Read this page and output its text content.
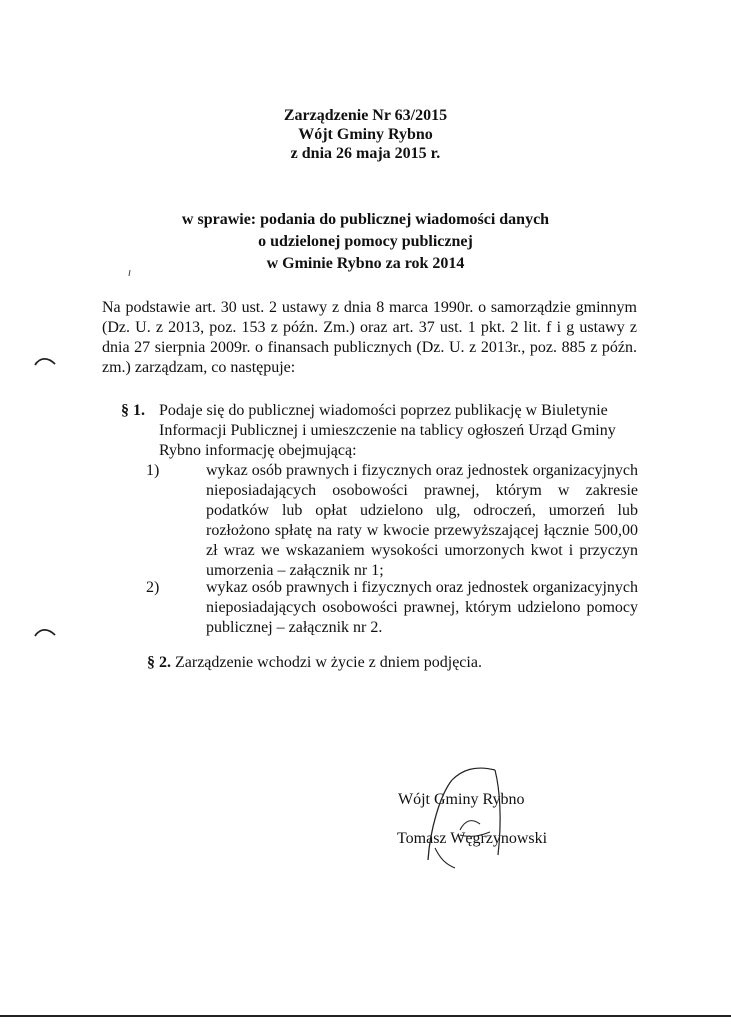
Zarządzenie Nr 63/2015
Wójt Gminy Rybno
z dnia 26 maja 2015 r.
w sprawie: podania do publicznej wiadomości danych
o udzielonej pomocy publicznej
w Gminie Rybno za rok 2014
Na podstawie art. 30 ust. 2 ustawy z dnia 8 marca 1990r. o samorządzie gminnym (Dz. U. z 2013, poz. 153 z późn. Zm.) oraz art. 37 ust. 1 pkt. 2 lit. f i g ustawy z dnia 27 sierpnia 2009r. o finansach publicznych (Dz. U. z 2013r., poz. 885 z późn. zm.) zarządzam, co następuje:
§ 1. Podaje się do publicznej wiadomości poprzez publikację w Biuletynie
Informacji Publicznej i umieszczenie na tablicy ogłoszeń Urząd Gminy
Rybno informację obejmującą:
1)	wykaz osób prawnych i fizycznych oraz jednostek organizacyjnych nieposiadających osobowości prawnej, którym w zakresie podatków lub opłat udzielono ulg, odroczeń, umorzeń lub rozłożono spłatę na raty w kwocie przewyższającej łącznie 500,00 zł wraz we wskazaniem wysokości umorzonych kwot i przyczyn umorzenia – załącznik nr 1;
2)	wykaz osób prawnych i fizycznych oraz jednostek organizacyjnych nieposiadających osobowości prawnej, którym udzielono pomocy publicznej – załącznik nr 2.
§ 2. Zarządzenie wchodzi w życie z dniem podjęcia.
Wójt Gminy Rybno
Tomasz Węgrzynowski
